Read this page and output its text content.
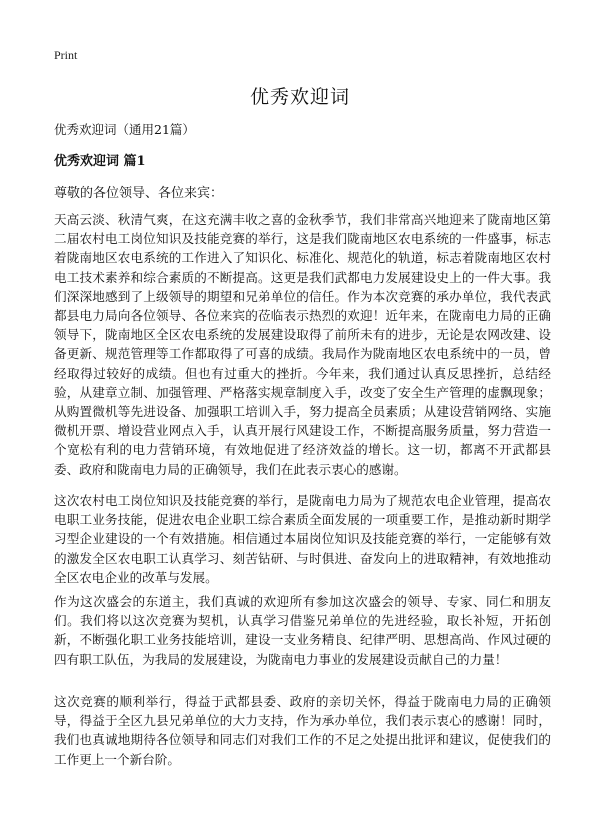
Print
优秀欢迎词
优秀欢迎词（通用21篇）
优秀欢迎词 篇1
尊敬的各位领导、各位来宾：

天高云淡、秋清气爽，在这充满丰收之喜的金秋季节，我们非常高兴地迎来了陇南地区第二届农村电工岗位知识及技能竞赛的举行，这是我们陇南地区农电系统的一件盛事，标志着陇南地区农电系统的工作进入了知识化、标准化、规范化的轨道，标志着陇南地区农村电工技术素养和综合素质的不断提高。这更是我们武都电力发展建设史上的一件大事。我们深深地感到了上级领导的期望和兄弟单位的信任。作为本次竞赛的承办单位，我代表武都县电力局向各位领导、各位来宾的莅临表示热烈的欢迎！近年来，在陇南电力局的正确领导下，陇南地区全区农电系统的发展建设取得了前所未有的进步，无论是农网改建、设备更新、规范管理等工作都取得了可喜的成绩。我局作为陇南地区农电系统中的一员，曾经取得过较好的成绩。但也有过重大的挫折。今年来，我们通过认真反思挫折，总结经验，从建章立制、加强管理、严格落实规章制度入手，改变了安全生产管理的虚飘现象；从购置微机等先进设备、加强职工培训入手，努力提高全员素质；从建设营销网络、实施微机开票、增设营业网点入手，认真开展行风建设工作，不断提高服务质量，努力营造一个宽松有利的电力营销环境，有效地促进了经济效益的增长。这一切，都离不开武都县委、政府和陇南电力局的正确领导，我们在此表示衷心的感谢。

这次农村电工岗位知识及技能竞赛的举行，是陇南电力局为了规范农电企业管理，提高农电职工业务技能，促进农电企业职工综合素质全面发展的一项重要工作，是推动新时期学习型企业建设的一个有效措施。相信通过本届岗位知识及技能竞赛的举行，一定能够有效的激发全区农电职工认真学习、刻苦钻研、与时俱进、奋发向上的进取精神，有效地推动全区农电企业的改革与发展。

作为这次盛会的东道主，我们真诚的欢迎所有参加这次盛会的领导、专家、同仁和朋友们。我们将以这次竞赛为契机，认真学习借鉴兄弟单位的先进经验，取长补短，开拓创新，不断强化职工业务技能培训，建设一支业务精良、纪律严明、思想高尚、作风过硬的四有职工队伍，为我局的发展建设，为陇南电力事业的发展建设贡献自己的力量！

这次竞赛的顺利举行，得益于武都县委、政府的亲切关怀，得益于陇南电力局的正确领导，得益于全区九县兄弟单位的大力支持，作为承办单位，我们表示衷心的感谢！同时，我们也真诚地期待各位领导和同志们对我们工作的不足之处提出批评和建议，促使我们的工作更上一个新台阶。
